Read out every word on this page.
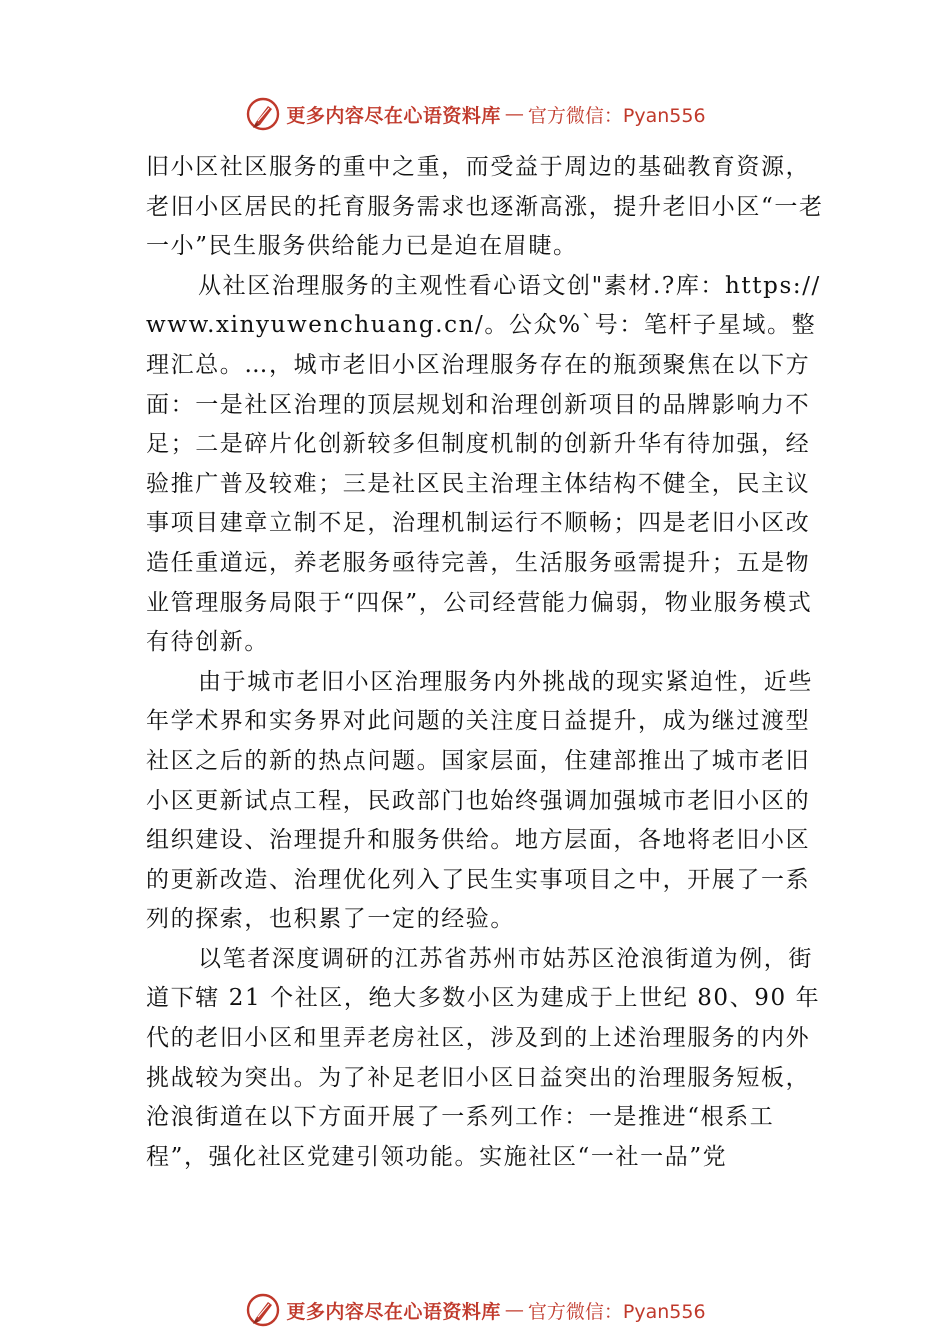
更多内容尽在心语资料库 — 官方微信：Pyan556

旧小区社区服务的重中之重，而受益于周边的基础教育资源，老旧小区居民的托育服务需求也逐渐高涨，提升老旧小区“一老一小”民生服务供给能力已是迫在眉睫。

从社区治理服务的主观性看心语文创"素材.?库：https://www.xinyuwenchuang.cn/。公众%`号：笔杆子星域。整理汇总。…，城市老旧小区治理服务存在的瓶颈聚焦在以下方面：一是社区治理的顶层规划和治理创新项目的品牌影响力不足；二是碎片化创新较多但制度机制的创新升华有待加强，经验推广普及较难；三是社区民主治理主体结构不健全，民主议事项目建章立制不足，治理机制运行不顺畅；四是老旧小区改造任重道远，养老服务亟待完善，生活服务亟需提升；五是物业管理服务局限于“四保”，公司经营能力偏弱，物业服务模式有待创新。

由于城市老旧小区治理服务内外挑战的现实紧迫性，近些年学术界和实务界对此问题的关注度日益提升，成为继过渡型社区之后的新的热点问题。国家层面，住建部推出了城市老旧小区更新试点工程，民政部门也始终强调加强城市老旧小区的组织建设、治理提升和服务供给。地方层面，各地将老旧小区的更新改造、治理优化列入了民生实事项目之中，开展了一系列的探索，也积累了一定的经验。

以笔者深度调研的江苏省苏州市姑苏区沧浪街道为例，街道下辖 21 个社区，绝大多数小区为建成于上世纪 80、90 年代的老旧小区和里弄老房社区，涉及到的上述治理服务的内外挑战较为突出。为了补足老旧小区日益突出的治理服务短板，沧浪街道在以下方面开展了一系列工作：一是推进“根系工程”，强化社区党建引领功能。实施社区“一社一品”党

更多内容尽在心语资料库 — 官方微信：Pyan556
